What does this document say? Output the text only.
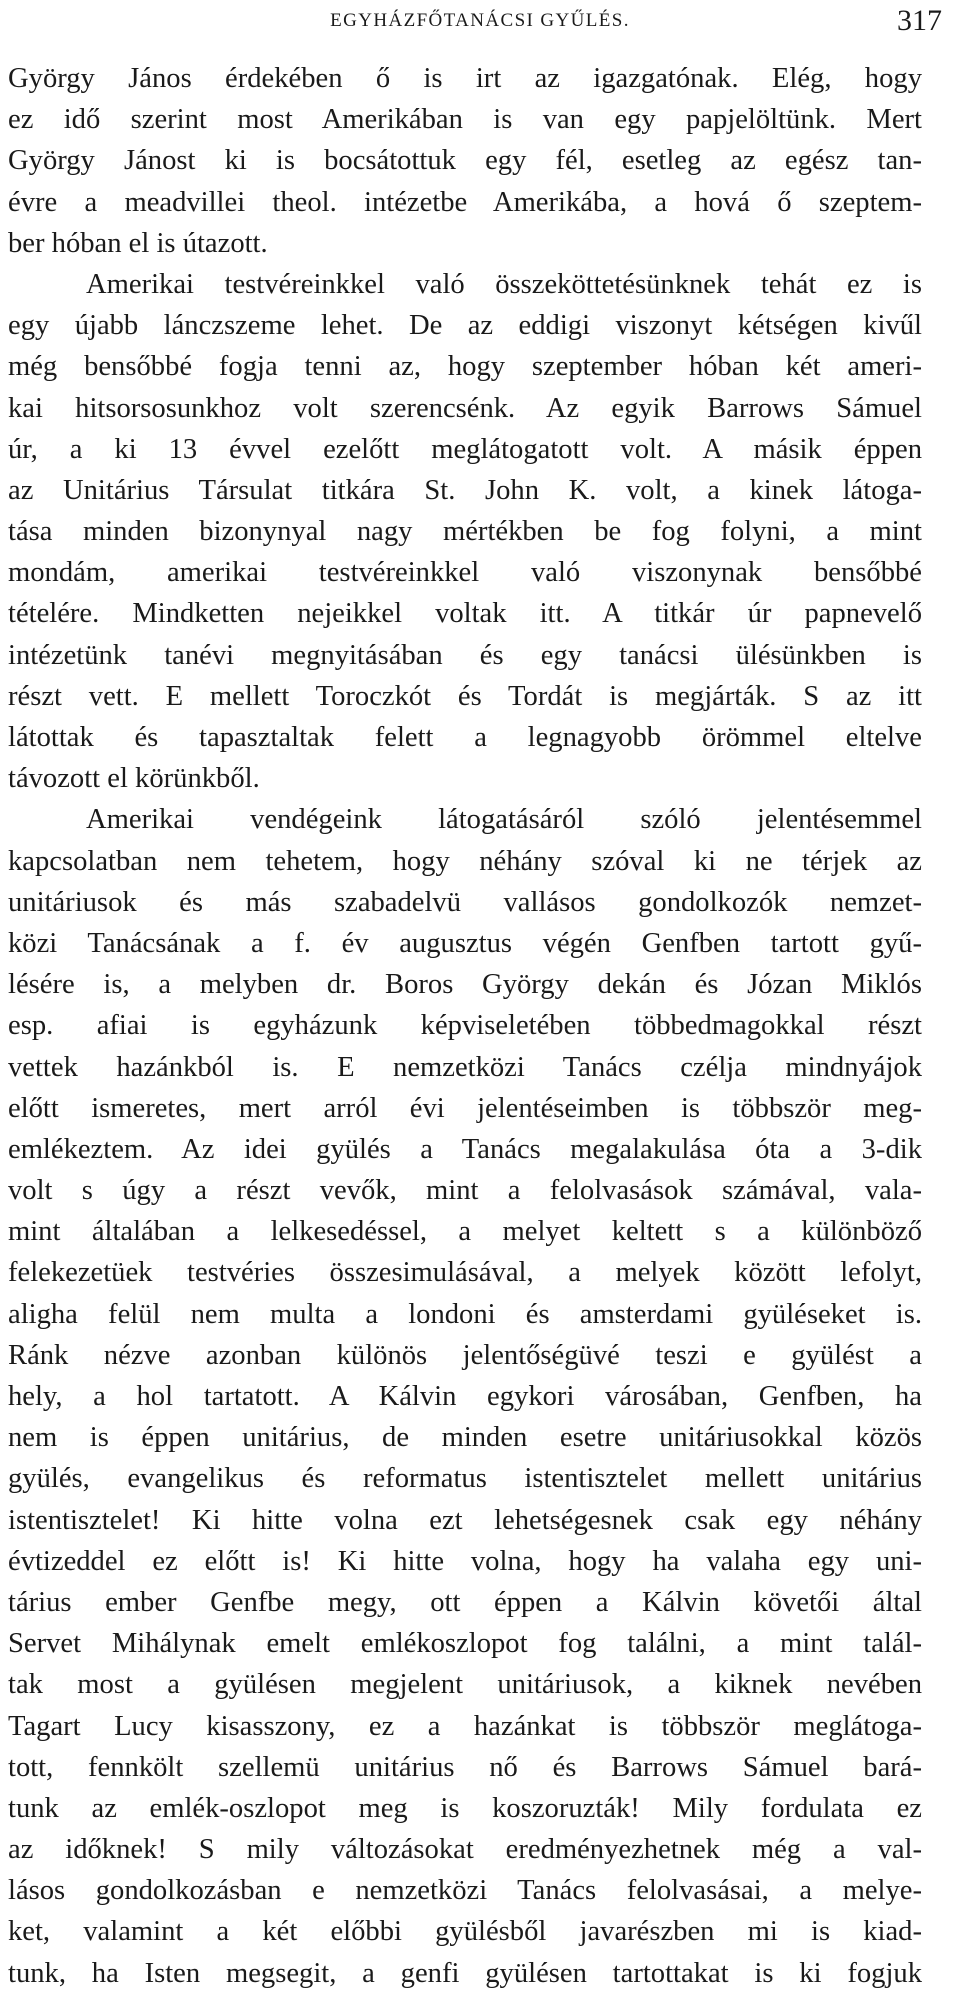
EGYHÁZFŐTANÁCSI GYŰLÉS.	317
György János érdekében ő is irt az igazgatónak. Elég, hogy
ez idő szerint most Amerikában is van egy papjelöltünk. Mert
György Jánost ki is bocsátottuk egy fél, esetleg az egész tan-
évre a meadvillei theol. intézetbe Amerikába, a hová ő szeptem-
ber hóban el is útazott.
Amerikai testvéreinkkel való összeköttetésünknek tehát ez is
egy újabb lánczszeme lehet. De az eddigi viszonyt kétségen kivűl
még bensőbbé fogja tenni az, hogy szeptember hóban két ameri-
kai hitsorsosunkhoz volt szerencsénk. Az egyik Barrows Sámuel
úr, a ki 13 évvel ezelőtt meglátogatott volt. A másik éppen
az Unitárius Társulat titkára St. John K. volt, a kinek látoga-
tása minden bizonynyal nagy mértékben be fog folyni, a mint
mondám, amerikai testvéreinkkel való viszonynak bensőbbé
tételére. Mindketten nejeikkel voltak itt. A titkár úr papnevelő
intézetünk tanévi megnyitásában és egy tanácsi ülésünkben is
részt vett. E mellett Toroczkót és Tordát is megjárták. S az itt
látottak és tapasztaltak felett a legnagyobb örömmel eltelve
távozott el körünkből.
Amerikai vendégeink látogatásáról szóló jelentésemmel
kapcsolatban nem tehetem, hogy néhány szóval ki ne térjek az
unitáriusok és más szabadelvü vallásos gondolkozók nemzet-
közi Tanácsának a f. év augusztus végén Genfben tartott gyű-
lésére is, a melyben dr. Boros György dekán és Józan Miklós
esp. afiai is egyházunk képviseletében többedmagokkal részt
vettek hazánkból is. E nemzetközi Tanács czélja mindnyájok
előtt ismeretes, mert arról évi jelentéseimben is többször meg-
emlékeztem. Az idei gyülés a Tanács megalakulása óta a 3-dik
volt s úgy a részt vevők, mint a felolvasások számával, vala-
mint általában a lelkesedéssel, a melyet keltett s a különböző
felekezetüek testvéries összesimulásával, a melyek között lefolyt,
aligha felül nem multa a londoni és amsterdami gyüléseket is.
Ránk nézve azonban különös jelentőségüvé teszi e gyülést a
hely, a hol tartatott. A Kálvin egykori városában, Genfben, ha
nem is éppen unitárius, de minden esetre unitáriusokkal közös
gyülés, evangelikus és reformatus istentisztelet mellett unitárius
istentisztelet! Ki hitte volna ezt lehetségesnek csak egy néhány
évtizeddel ez előtt is! Ki hitte volna, hogy ha valaha egy uni-
tárius ember Genfbe megy, ott éppen a Kálvin követői által
Servet Mihálynak emelt emlékoszlopot fog találni, a mint talál-
tak most a gyülésen megjelent unitáriusok, a kiknek nevében
Tagart Lucy kisasszony, ez a hazánkat is többször meglátoga-
tott, fennkölt szellemü unitárius nő és Barrows Sámuel bará-
tunk az emlék-oszlopot meg is koszoruzták! Mily fordulata ez
az időknek! S mily változásokat eredményezhetnek még a val-
lásos gondolkozásban e nemzetközi Tanács felolvasásai, a melye-
ket, valamint a két előbbi gyülésből javarészben mi is kiad-
tunk, ha Isten megsegit, a genfi gyülésen tartottakat is ki fogjuk
